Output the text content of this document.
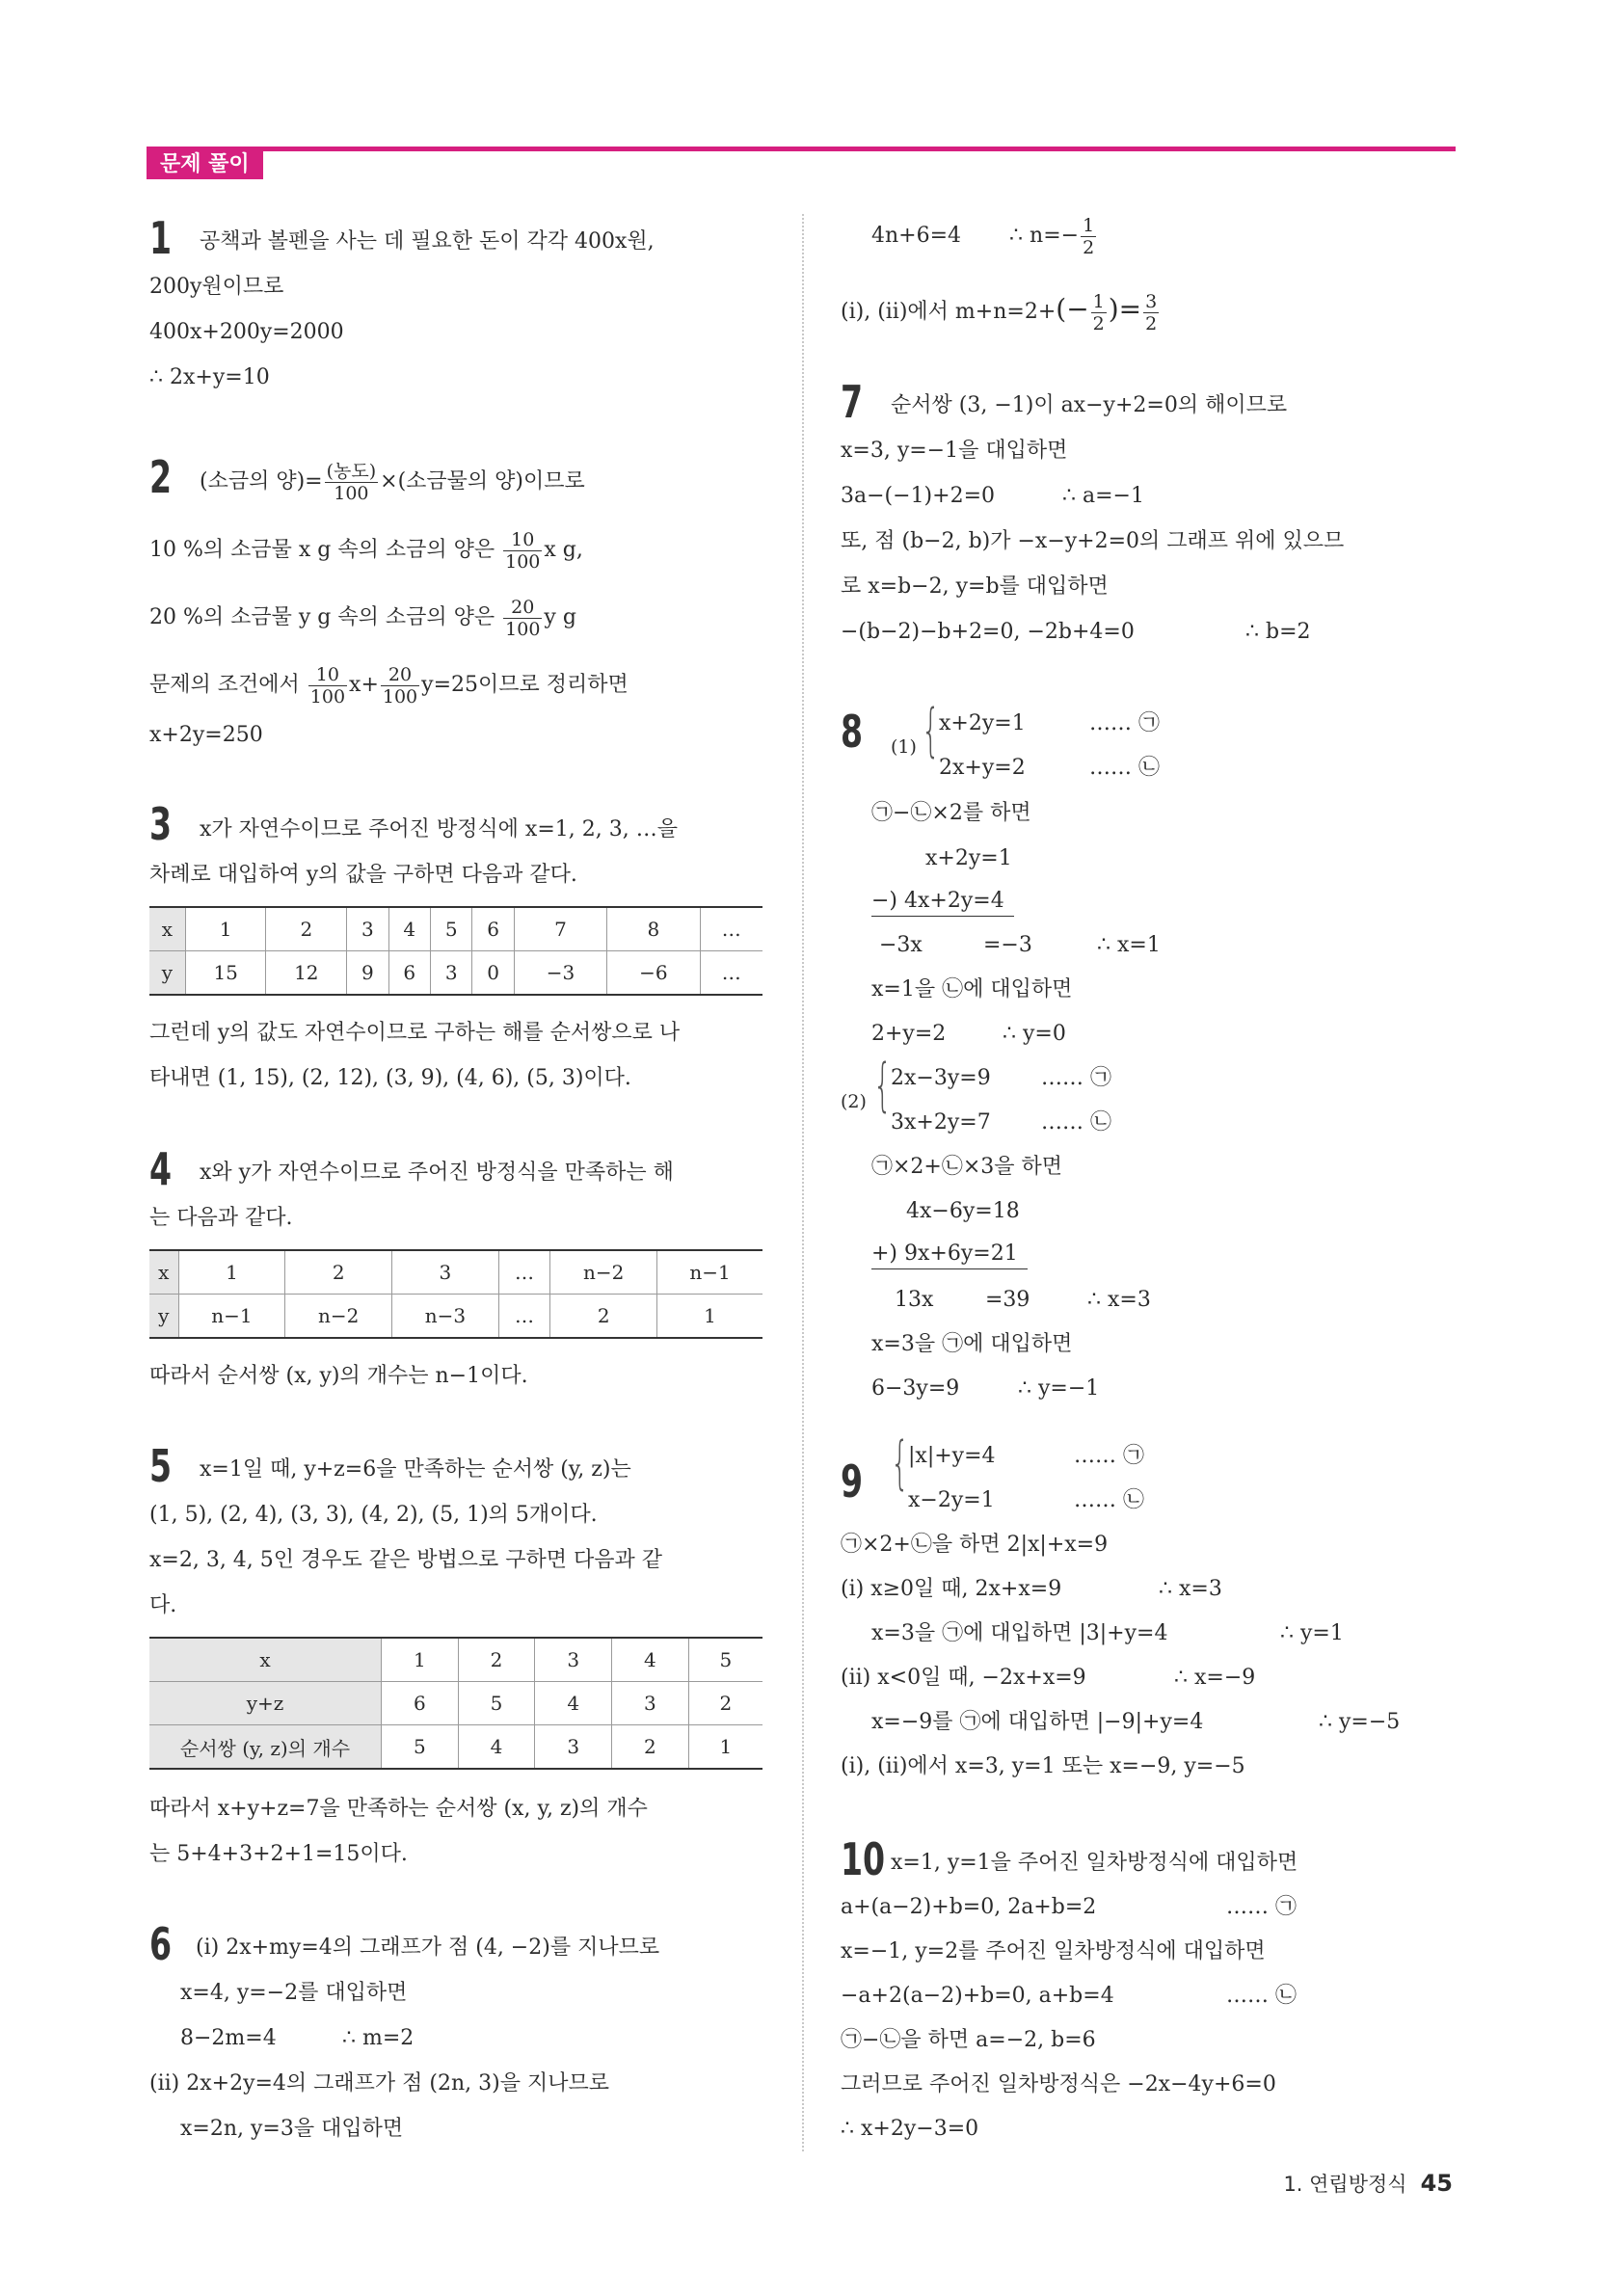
문제 풀이
1 공책과 볼펜을 사는 데 필요한 돈이 각각 400x원,
200y원이므로
400x+200y=2000
∴ 2x+y=10
2 (소금의 양)= $\frac{\text{(농도)}}{100}$ ×(소금물의 양)이므로
10 %의 소금물 x g 속의 소금의 양은 $\frac{10}{100}$ x g,
20 %의 소금물 y g 속의 소금의 양은 $\frac{20}{100}$ y g
문제의 조건에서 $\frac{10}{100} x+ \frac{20}{100} y=25$이므로 정리하면
x+2y=250
3 x가 자연수이므로 주어진 방정식에 x=1, 2, 3, …을
차례로 대입하여 y의 값을 구하면 다음과 같다.
x	1	2	3	4	5	6	7	8	…
y	15	12	9	6	3	0	−3	−6	…
그런데 y의 값도 자연수이므로 구하는 해를 순서쌍으로 나
타내면 (1, 15), (2, 12), (3, 9), (4, 6), (5, 3)이다.
4 x와 y가 자연수이므로 주어진 방정식을 만족하는 해
는 다음과 같다.
x	1	2	3	…	n−2	n−1
y	n−1	n−2	n−3	…	2	1
따라서 순서쌍 (x, y)의 개수는 n−1이다.
5 x=1일 때, y+z=6을 만족하는 순서쌍 (y, z)는
(1, 5), (2, 4), (3, 3), (4, 2), (5, 1)의 5개이다.
x=2, 3, 4, 5인 경우도 같은 방법으로 구하면 다음과 같
다.
x	1	2	3	4	5
y+z	6	5	4	3	2
순서쌍 (y, z)의 개수	5	4	3	2	1
따라서 x+y+z=7을 만족하는 순서쌍 (x, y, z)의 개수
는 5+4+3+2+1=15이다.
6 (i) 2x+my=4의 그래프가 점 (4, −2)를 지나므로
x=4, y=−2를 대입하면
8−2m=4	∴ m=2
(ii) 2x+2y=4의 그래프가 점 (2n, 3)을 지나므로
x=2n, y=3을 대입하면
4n+6=4 ∴ $n=- \frac{1}{2}$
(i), (ii)에서 $m+n=2+(- \frac{1}{2}$ )= $\frac{3}{2}$
7 순서쌍 (3, −1)이 ax−y+2=0의 해이므로
x=3, y=−1을 대입하면
3a−(−1)+2=0	∴ a=−1
또, 점 (b−2, b)가 −x−y+2=0의 그래프 위에 있으므
로 x=b−2, y=b를 대입하면
−(b−2)−b+2=0, −2b+4=0	∴ b=2
8 (1) {
x+2y=1	…… ㉠
2x+y=2	…… ㉡
㉠−㉡×2를 하면
x+2y=1
−) 4x+2y=4
−3x	=−3	∴ x=1
x=1을 ㉡에 대입하면
2+y=2	∴ y=0
(2) {
2x−3y=9 …… ㉠
3x+2y=7 …… ㉡
㉠×2+㉡×3을 하면
4x−6y=18
+) 9x+6y=21
13x =39	∴ x=3
x=3을 ㉠에 대입하면
6−3y=9	∴ y=−1
9 {
|x|+y=4	…… ㉠
x−2y=1	…… ㉡
㉠×2+㉡을 하면 2|x|+x=9
(i) x≥0일 때, 2x+x=9	∴ x=3
x=3을 ㉠에 대입하면 |3|+y=4	∴ y=1
(ii) x<0일 때, −2x+x=9	∴ x=−9
x=−9를 ㉠에 대입하면 |−9|+y=4	∴ y=−5
(i), (ii)에서 x=3, y=1 또는 x=−9, y=−5
10 x=1, y=1을 주어진 일차방정식에 대입하면
a+(a−2)+b=0, 2a+b=2	…… ㉠
x=−1, y=2를 주어진 일차방정식에 대입하면
−a+2(a−2)+b=0, a+b=4	…… ㉡
㉠−㉡을 하면 a=−2, b=6
그러므로 주어진 일차방정식은 −2x−4y+6=0
∴ x+2y−3=0
1. 연립방정식 45
